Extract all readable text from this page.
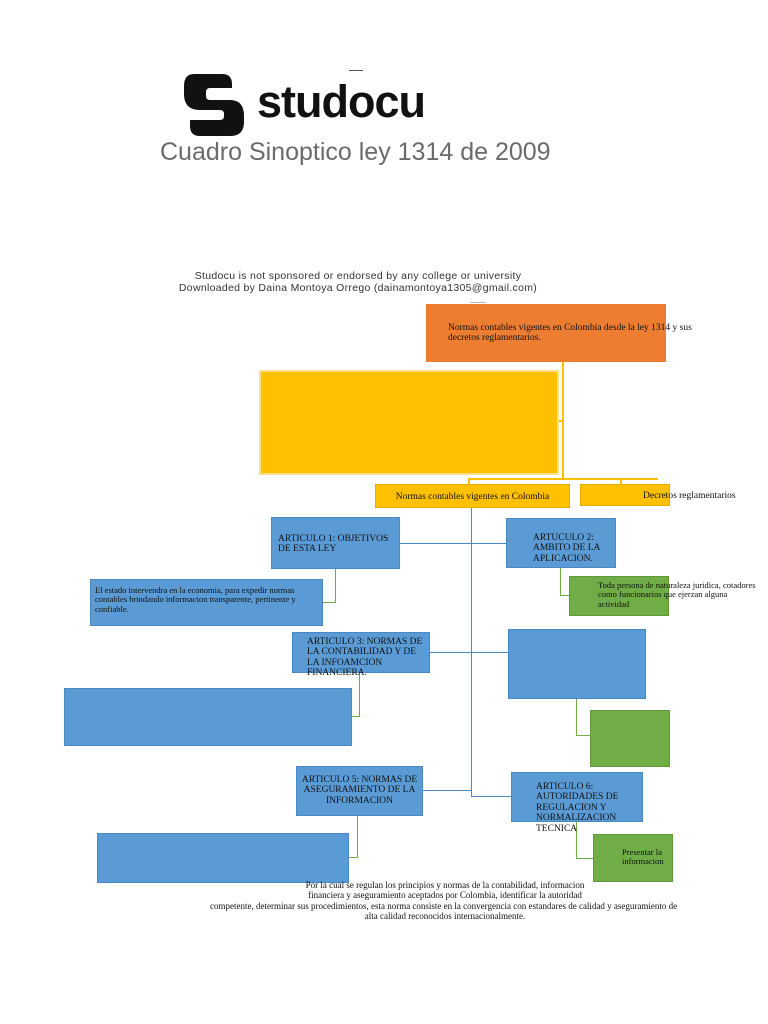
studocu
Cuadro Sinoptico ley 1314 de 2009
Studocu is not sponsored or endorsed by any college or university
Downloaded by Daina Montoya Orrego (dainamontoya1305@gmail.com)
Normas contables vigentes en Colombia desde la ley 1314 y sus decretos reglamentarios.
Normas contables vigentes en Colombia	Decretos reglamentarios
ARTICULO 1: OBJETIVOS DE ESTA LEY
El estado intervendra en la economia, para expedir normas contables brindando informacion transparente, pertinente y confiable.
ARTUCULO 2: AMBITO DE LA APLICACION.
Toda persona de naturaleza juridica, cotadores como funcionarios que ejerzan alguna actividad
ARTICULO 3: NORMAS DE LA CONTABILIDAD Y DE LA INFOAMCION FINANCIERA.
ARTICULO 5: NORMAS DE ASEGURAMIENTO DE LA INFORMACION
ARTICULO 6: AUTORIDADES DE REGULACION Y NORMALIZACION TECNICA
Presentar la informacion
Por la cual se regulan los principios y normas de la contabilidad, informacion
financiera y aseguramiento aceptados por Colombia, identificar la autoridad
competente, determinar sus procedimientos, esta norma consiste en la convergencia con estandares de calidad y aseguramiento de
alta calidad reconocidos internacionalmente.
